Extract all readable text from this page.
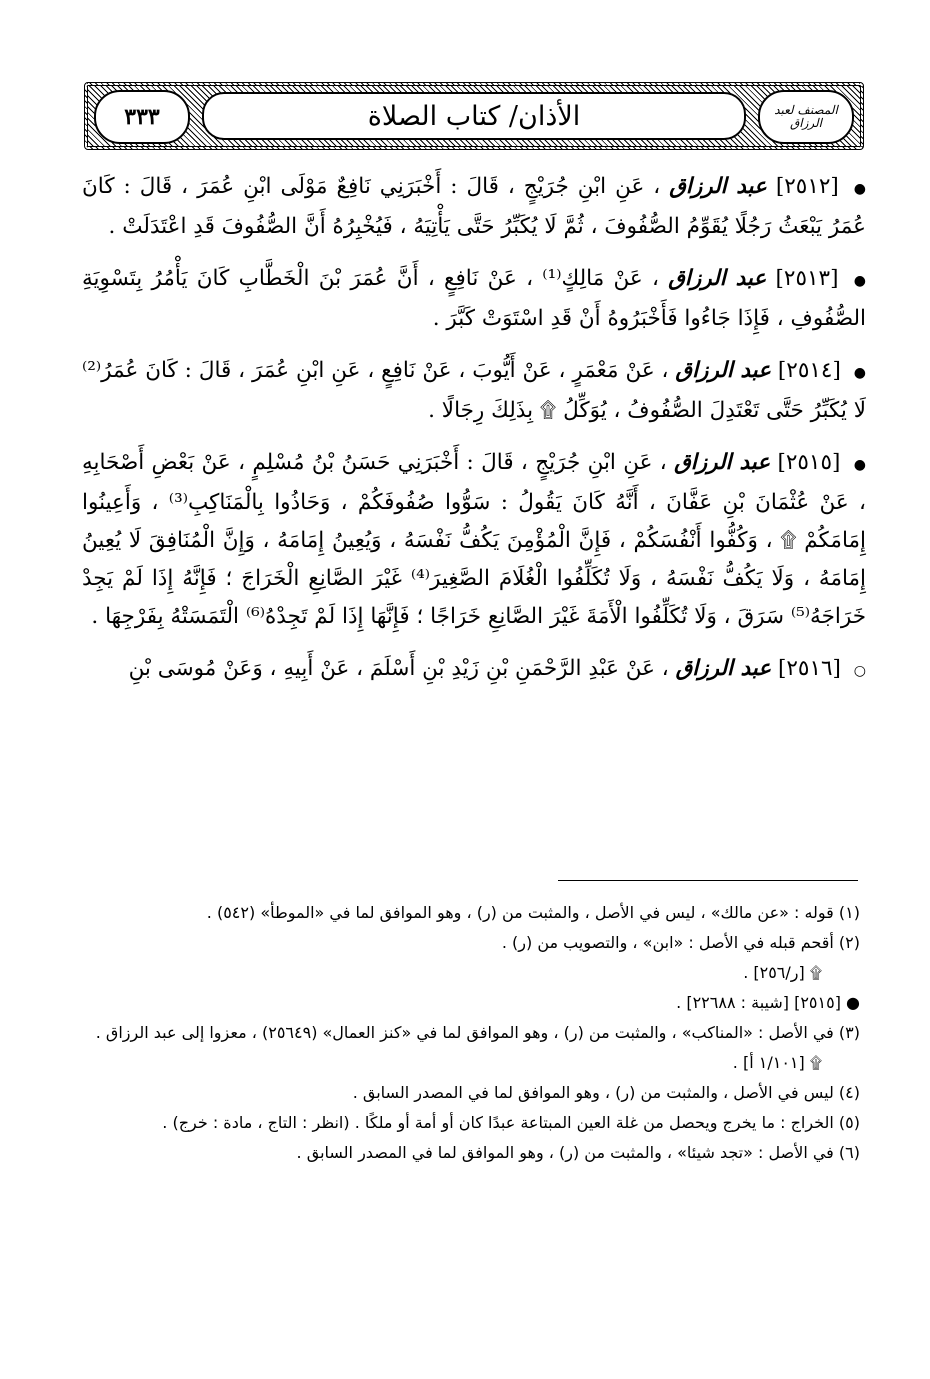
٣٣٣	الأذان/ كتاب الصلاة	المصنف لعبد الرزاق

● [٢٥١٢] عبد الرزاق ، عَنِ ابْنِ جُرَيْجٍ ، قَالَ : أَخْبَرَنِي نَافِعٌ مَوْلَى ابْنِ عُمَرَ ، قَالَ : كَانَ عُمَرُ يَبْعَثُ رَجُلًا يُقَوِّمُ الصُّفُوفَ ، ثُمَّ لَا يُكَبِّرُ حَتَّى يَأْتِيَهُ ، فَيُخْبِرُهُ أَنَّ الصُّفُوفَ قَدِ اعْتَدَلَتْ .

● [٢٥١٣] عبد الرزاق ، عَنْ مَالِكٍ⁽¹⁾ ، عَنْ نَافِعٍ ، أَنَّ عُمَرَ بْنَ الْخَطَّابِ كَانَ يَأْمُرُ بِتَسْوِيَةِ الصُّفُوفِ ، فَإِذَا جَاءُوا فَأَخْبَرُوهُ أَنْ قَدِ اسْتَوَتْ كَبَّرَ .

● [٢٥١٤] عبد الرزاق ، عَنْ مَعْمَرٍ ، عَنْ أَيُّوبَ ، عَنْ نَافِعٍ ، عَنِ ابْنِ عُمَرَ ، قَالَ : كَانَ عُمَرُ⁽²⁾ لَا يُكَبِّرُ حَتَّى تَعْتَدِلَ الصُّفُوفُ ، يُوَكِّلُ ۩ بِذَلِكَ رِجَالًا .

● [٢٥١٥] عبد الرزاق ، عَنِ ابْنِ جُرَيْجٍ ، قَالَ : أَخْبَرَنِي حَسَنُ بْنُ مُسْلِمٍ ، عَنْ بَعْضِ أَصْحَابِهِ ، عَنْ عُثْمَانَ بْنِ عَفَّانَ ، أَنَّهُ كَانَ يَقُولُ : سَوُّوا صُفُوفَكُمْ ، وَحَاذُوا بِالْمَنَاكِبِ⁽³⁾ ، وَأَعِينُوا إِمَامَكُمْ ۩ ، وَكُفُّوا أَنْفُسَكُمْ ، فَإِنَّ الْمُؤْمِنَ يَكُفُّ نَفْسَهُ ، وَيُعِينُ إِمَامَهُ ، وَإِنَّ الْمُنَافِقَ لَا يُعِينُ إِمَامَهُ ، وَلَا يَكُفُّ نَفْسَهُ ، وَلَا تُكَلِّفُوا الْغُلَامَ الصَّغِيرَ⁽⁴⁾ غَيْرَ الصَّانِعِ الْخَرَاجَ ؛ فَإِنَّهُ إِذَا لَمْ يَجِدْ خَرَاجَهُ⁽⁵⁾ سَرَقَ ، وَلَا تُكَلِّفُوا الْأَمَةَ غَيْرَ الصَّانِعِ خَرَاجًا ؛ فَإِنَّهَا إِذَا لَمْ تَجِدْهُ⁽⁶⁾ الْتَمَسَتْهُ بِفَرْجِهَا .

○ [٢٥١٦] عبد الرزاق ، عَنْ عَبْدِ الرَّحْمَنِ بْنِ زَيْدِ بْنِ أَسْلَمَ ، عَنْ أَبِيهِ ، وَعَنْ مُوسَى بْنِ

(١) قوله : «عن مالك» ، ليس في الأصل ، والمثبت من (ر) ، وهو الموافق لما في «الموطأ» (٥٤٢) .

(٢) أقحم قبله في الأصل : «ابن» ، والتصويب من (ر) .

۩ [ر/٢٥٦] .

● [٢٥١٥] [شيبة : ٢٢٦٨٨] .

(٣) في الأصل : «المناكب» ، والمثبت من (ر) ، وهو الموافق لما في «كنز العمال» (٢٥٦٤٩) ، معزوا إلى عبد الرزاق .

۩ [١/١٠١ أ] .

(٤) ليس في الأصل ، والمثبت من (ر) ، وهو الموافق لما في المصدر السابق .

(٥) الخراج : ما يخرج ويحصل من غلة العين المبتاعة عبدًا كان أو أمة أو ملكًا . (انظر : التاج ، مادة : خرج) .

(٦) في الأصل : «تجد شيئا» ، والمثبت من (ر) ، وهو الموافق لما في المصدر السابق .
